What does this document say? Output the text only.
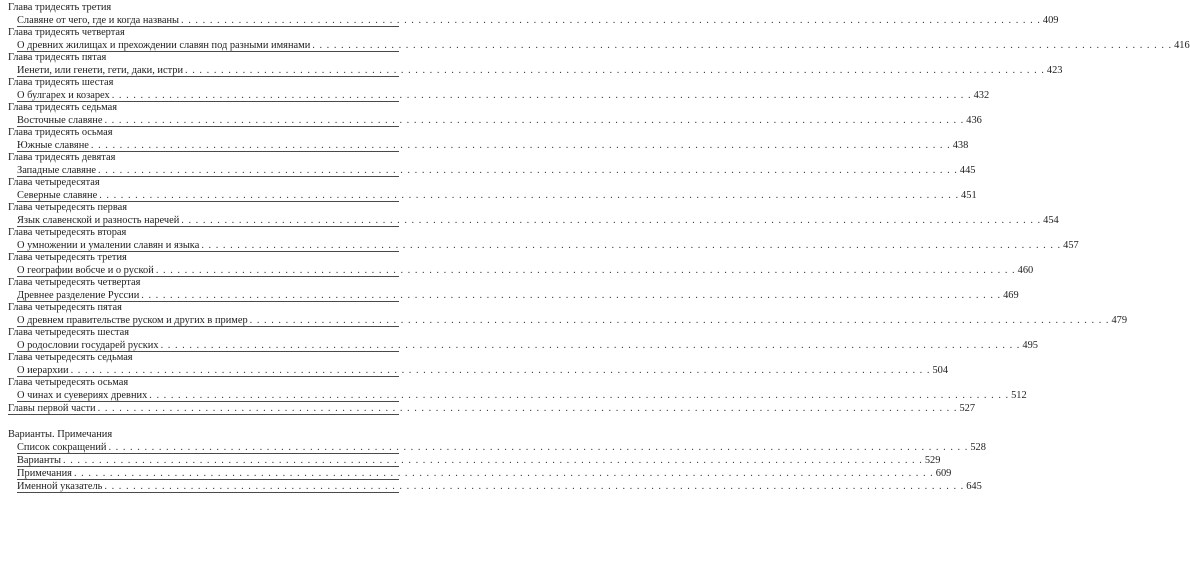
Глава тридесять третия
Славяне от чего, где и когда названы . . . . . . . . . . . . . . . . . . . . . . . . . . . . . . . . . . . . . . . . . . . . . . . . . . . . . . . . . . . . . . . . . . . . . . . . . . . . . . . . . . . . . . . . . . . . . . . . . . . . . . . . . . . . . . . . . . . . . . . . 409
Глава тридесять четвертая
О древних жилищах и прехождении славян под разными имянами . . . . . . . . . . . . . . . . . . . . . . . . . . . . . . . . . . . . . . . . . . . . . . . . . . . . . . . . . . . . . . . . . . . . . . . . . . . . . . . . . . . . . . . . . . . . . . . . . . . . . . . . . . . . . . . . . . . . . . . . 416
Глава тридесять пятая
Иенети, или генети, гети, даки, истри . . . . . . . . . . . . . . . . . . . . . . . . . . . . . . . . . . . . . . . . . . . . . . . . . . . . . . . . . . . . . . . . . . . . . . . . . . . . . . . . . . . . . . . . . . . . . . . . . . . . . . . . . . . . . . . . . . . . . . . . 423
Глава тридесять шестая
О булгарех и козарех . . . . . . . . . . . . . . . . . . . . . . . . . . . . . . . . . . . . . . . . . . . . . . . . . . . . . . . . . . . . . . . . . . . . . . . . . . . . . . . . . . . . . . . . . . . . . . . . . . . . . . . . . . . . . . . . . . . . . . . . 432
Глава тридесять седьмая
Восточные славяне . . . . . . . . . . . . . . . . . . . . . . . . . . . . . . . . . . . . . . . . . . . . . . . . . . . . . . . . . . . . . . . . . . . . . . . . . . . . . . . . . . . . . . . . . . . . . . . . . . . . . . . . . . . . . . . . . . . . . . . . 436
Глава тридесять осьмая
Южные славяне . . . . . . . . . . . . . . . . . . . . . . . . . . . . . . . . . . . . . . . . . . . . . . . . . . . . . . . . . . . . . . . . . . . . . . . . . . . . . . . . . . . . . . . . . . . . . . . . . . . . . . . . . . . . . . . . . . . . . . . . 438
Глава тридесять девятая
Западные славяне . . . . . . . . . . . . . . . . . . . . . . . . . . . . . . . . . . . . . . . . . . . . . . . . . . . . . . . . . . . . . . . . . . . . . . . . . . . . . . . . . . . . . . . . . . . . . . . . . . . . . . . . . . . . . . . . . . . . . . . . 445
Глава четыредесятая
Северные славяне . . . . . . . . . . . . . . . . . . . . . . . . . . . . . . . . . . . . . . . . . . . . . . . . . . . . . . . . . . . . . . . . . . . . . . . . . . . . . . . . . . . . . . . . . . . . . . . . . . . . . . . . . . . . . . . . . . . . . . . . 451
Глава четыредесять первая
Язык славенской и разность наречей . . . . . . . . . . . . . . . . . . . . . . . . . . . . . . . . . . . . . . . . . . . . . . . . . . . . . . . . . . . . . . . . . . . . . . . . . . . . . . . . . . . . . . . . . . . . . . . . . . . . . . . . . . . . . . . . . . . . . . . . 454
Глава четыредесять вторая
О умножении и умалении славян и языка . . . . . . . . . . . . . . . . . . . . . . . . . . . . . . . . . . . . . . . . . . . . . . . . . . . . . . . . . . . . . . . . . . . . . . . . . . . . . . . . . . . . . . . . . . . . . . . . . . . . . . . . . . . . . . . . . . . . . . . . 457
Глава четыредесять третия
О географии вобсче и о руской . . . . . . . . . . . . . . . . . . . . . . . . . . . . . . . . . . . . . . . . . . . . . . . . . . . . . . . . . . . . . . . . . . . . . . . . . . . . . . . . . . . . . . . . . . . . . . . . . . . . . . . . . . . . . . . . . . . . . . . . 460
Глава четыредесять четвертая
Древнее разделение Руссии . . . . . . . . . . . . . . . . . . . . . . . . . . . . . . . . . . . . . . . . . . . . . . . . . . . . . . . . . . . . . . . . . . . . . . . . . . . . . . . . . . . . . . . . . . . . . . . . . . . . . . . . . . . . . . . . . . . . . . . . 469
Глава четыредесять пятая
О древнем правительстве руском и других в пример . . . . . . . . . . . . . . . . . . . . . . . . . . . . . . . . . . . . . . . . . . . . . . . . . . . . . . . . . . . . . . . . . . . . . . . . . . . . . . . . . . . . . . . . . . . . . . . . . . . . . . . . . . . . . . . . . . . . . . . . 479
Глава четыредесять шестая
О родословии государей руских . . . . . . . . . . . . . . . . . . . . . . . . . . . . . . . . . . . . . . . . . . . . . . . . . . . . . . . . . . . . . . . . . . . . . . . . . . . . . . . . . . . . . . . . . . . . . . . . . . . . . . . . . . . . . . . . . . . . . . . . 495
Глава четыредесять седьмая
О иерархии . . . . . . . . . . . . . . . . . . . . . . . . . . . . . . . . . . . . . . . . . . . . . . . . . . . . . . . . . . . . . . . . . . . . . . . . . . . . . . . . . . . . . . . . . . . . . . . . . . . . . . . . . . . . . . . . . . . . . . . . 504
Глава четыредесять осьмая
О чинах и суевериях древних . . . . . . . . . . . . . . . . . . . . . . . . . . . . . . . . . . . . . . . . . . . . . . . . . . . . . . . . . . . . . . . . . . . . . . . . . . . . . . . . . . . . . . . . . . . . . . . . . . . . . . . . . . . . . . . . . . . . . . . . 512
Главы первой части . . . . . . . . . . . . . . . . . . . . . . . . . . . . . . . . . . . . . . . . . . . . . . . . . . . . . . . . . . . . . . . . . . . . . . . . . . . . . . . . . . . . . . . . . . . . . . . . . . . . . . . . . . . . . . . . . . . . . . . . 527
Варианты. Примечания
Список сокращений . . . . . . . . . . . . . . . . . . . . . . . . . . . . . . . . . . . . . . . . . . . . . . . . . . . . . . . . . . . . . . . . . . . . . . . . . . . . . . . . . . . . . . . . . . . . . . . . . . . . . . . . . . . . . . . . . . . . . . . . 528
Варианты . . . . . . . . . . . . . . . . . . . . . . . . . . . . . . . . . . . . . . . . . . . . . . . . . . . . . . . . . . . . . . . . . . . . . . . . . . . . . . . . . . . . . . . . . . . . . . . . . . . . . . . . . . . . . . . . . . . . . . . . 529
Примечания . . . . . . . . . . . . . . . . . . . . . . . . . . . . . . . . . . . . . . . . . . . . . . . . . . . . . . . . . . . . . . . . . . . . . . . . . . . . . . . . . . . . . . . . . . . . . . . . . . . . . . . . . . . . . . . . . . . . . . . . 609
Именной указатель . . . . . . . . . . . . . . . . . . . . . . . . . . . . . . . . . . . . . . . . . . . . . . . . . . . . . . . . . . . . . . . . . . . . . . . . . . . . . . . . . . . . . . . . . . . . . . . . . . . . . . . . . . . . . . . . . . . . . . . . 645
